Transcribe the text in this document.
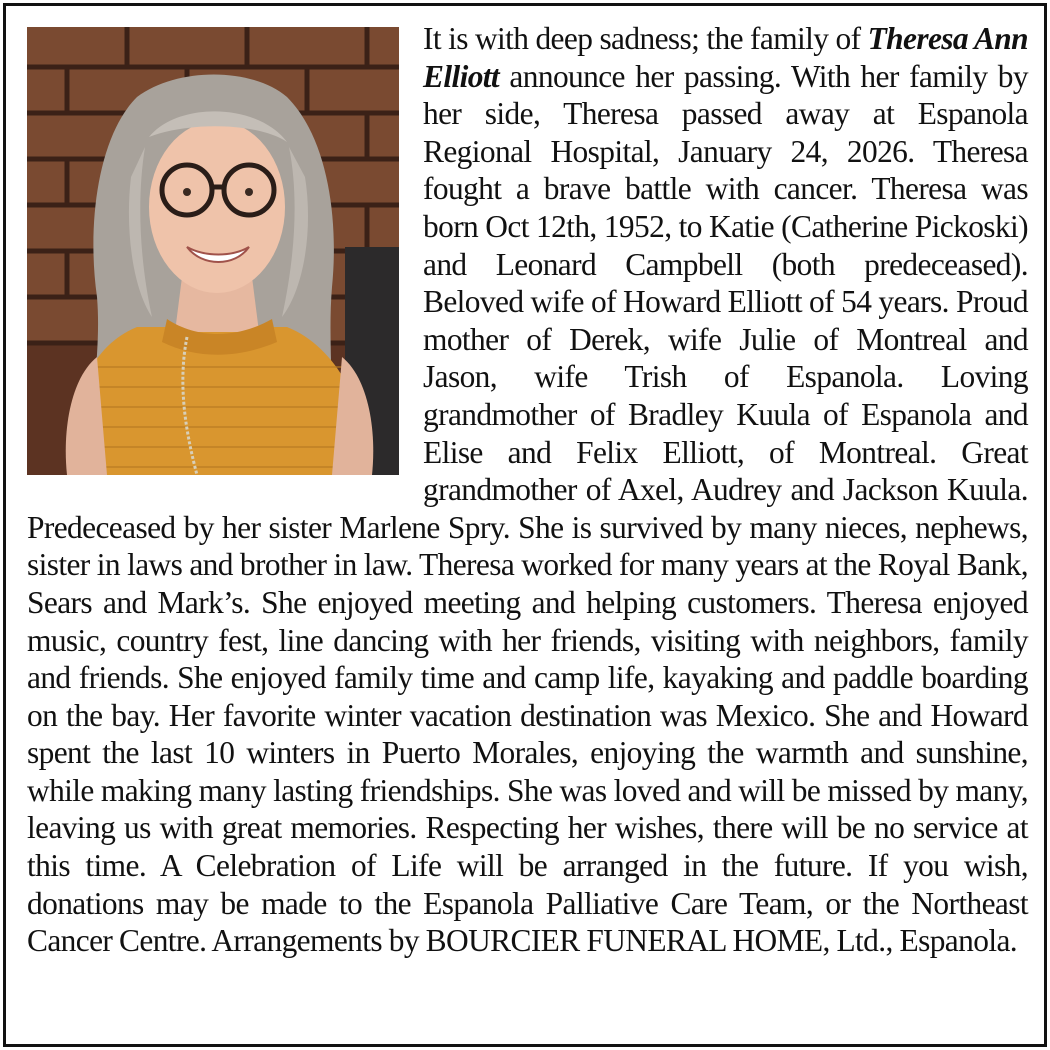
It is with deep sadness; the family of Theresa Ann Elliott announce her passing. With her family by her side, Theresa passed away at Espanola Regional Hospital, January 24, 2026. Theresa fought a brave battle with cancer. Theresa was born Oct 12th, 1952, to Katie (Catherine Pickoski) and Leonard Campbell (both predeceased). Beloved wife of Howard Elliott of 54 years. Proud mother of Derek, wife Julie of Montreal and Jason, wife Trish of Espanola. Loving grandmother of Bradley Kuula of Espanola and Elise and Felix Elliott, of Montreal. Great grandmother of Axel, Audrey and Jackson Kuula. Predeceased by her sister Marlene Spry. She is survived by many nieces, nephews, sister in laws and brother in law. Theresa worked for many years at the Royal Bank, Sears and Mark’s. She enjoyed meeting and helping customers. Theresa enjoyed music, country fest, line dancing with her friends, visiting with neighbors, family and friends. She enjoyed family time and camp life, kayaking and paddle boarding on the bay. Her favorite winter vacation destination was Mexico. She and Howard spent the last 10 winters in Puerto Morales, enjoying the warmth and sunshine, while making many lasting friendships. She was loved and will be missed by many, leaving us with great memories. Respecting her wishes, there will be no service at this time. A Celebration of Life will be arranged in the future. If you wish, donations may be made to the Espanola Palliative Care Team, or the Northeast Cancer Centre. Arrangements by BOURCIER FUNERAL HOME, Ltd., Espanola.
